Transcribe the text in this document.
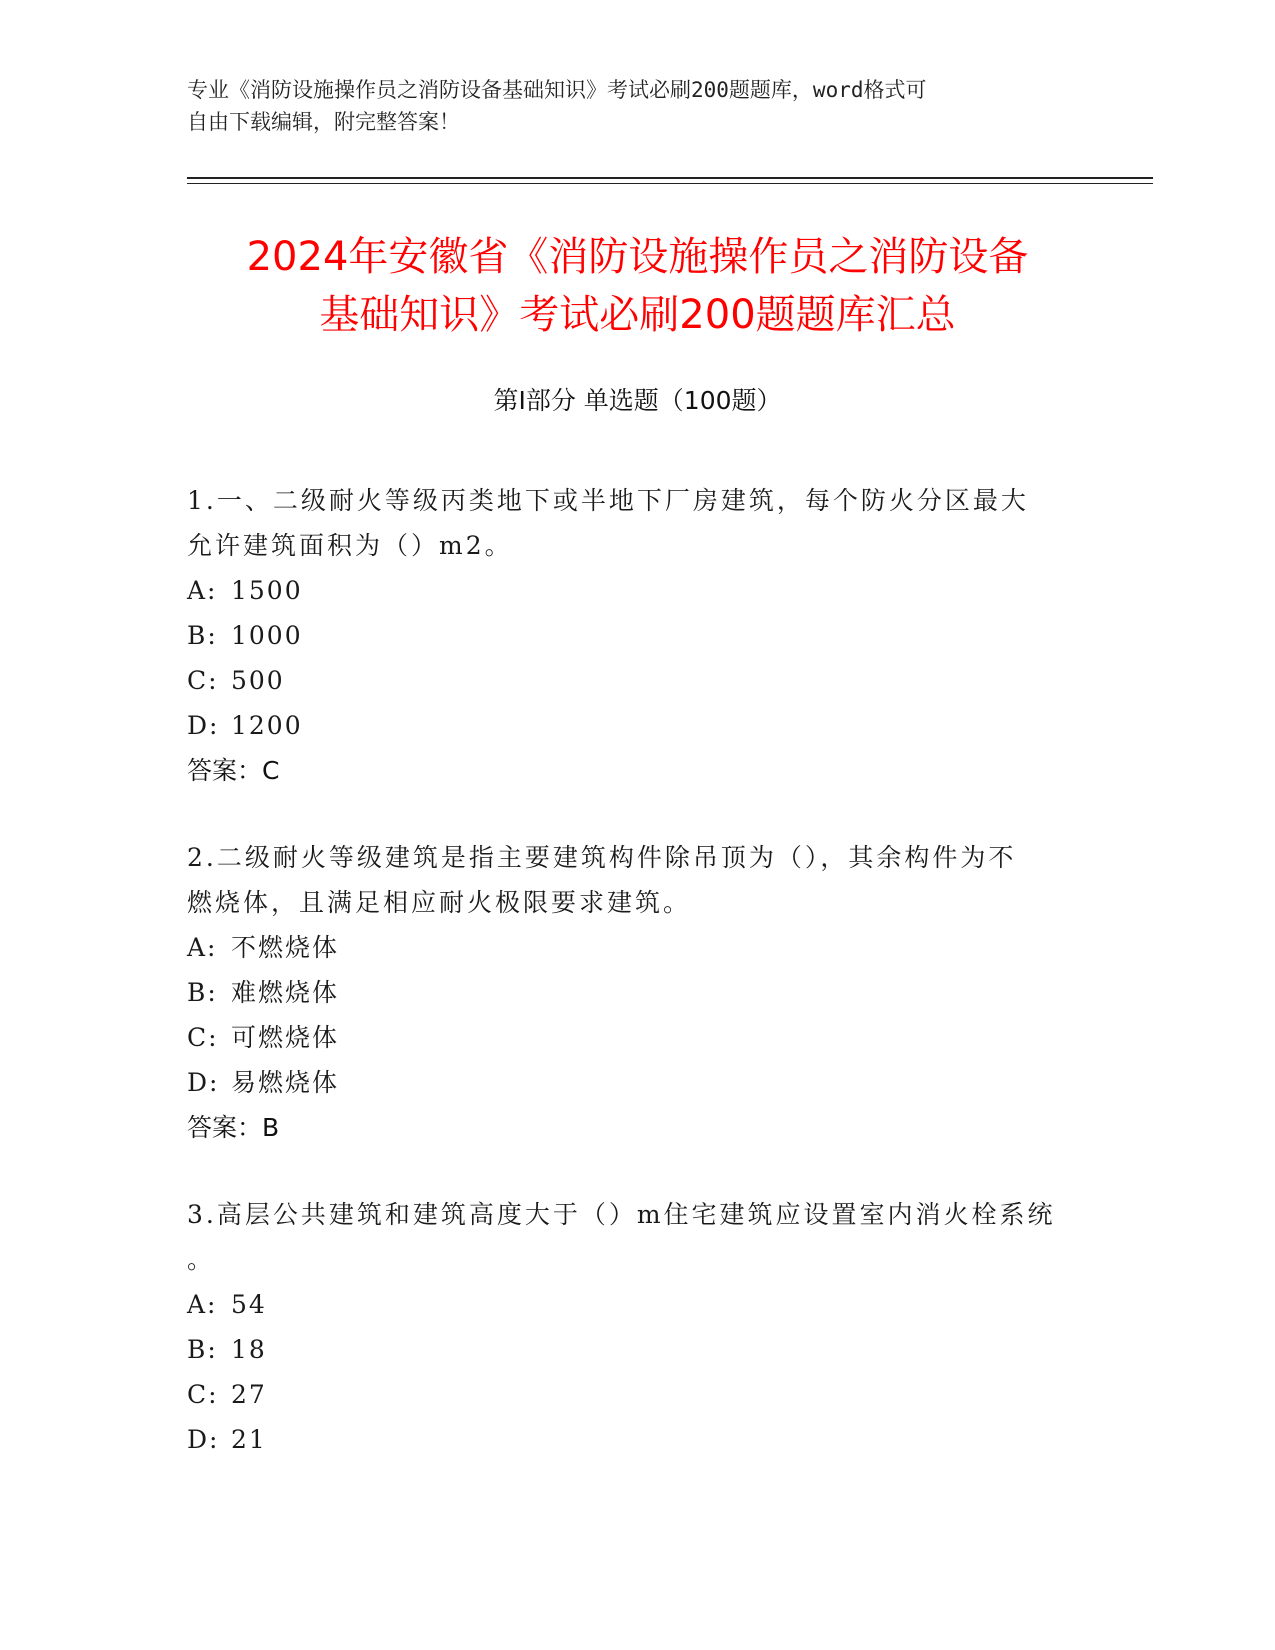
专业《消防设施操作员之消防设备基础知识》考试必刷200题题库，word格式可
自由下载编辑，附完整答案！
2024年安徽省《消防设施操作员之消防设备
基础知识》考试必刷200题题库汇总
第Ⅰ部分 单选题（100题）
1.一、二级耐火等级丙类地下或半地下厂房建筑，每个防火分区最大
允许建筑面积为（）m2。
A: 1500
B: 1000
C: 500
D: 1200
答案：C
2.二级耐火等级建筑是指主要建筑构件除吊顶为（），其余构件为不
燃烧体，且满足相应耐火极限要求建筑。
A: 不燃烧体
B: 难燃烧体
C: 可燃烧体
D: 易燃烧体
答案：B
3.高层公共建筑和建筑高度大于（）m住宅建筑应设置室内消火栓系统
。
A: 54
B: 18
C: 27
D: 21
